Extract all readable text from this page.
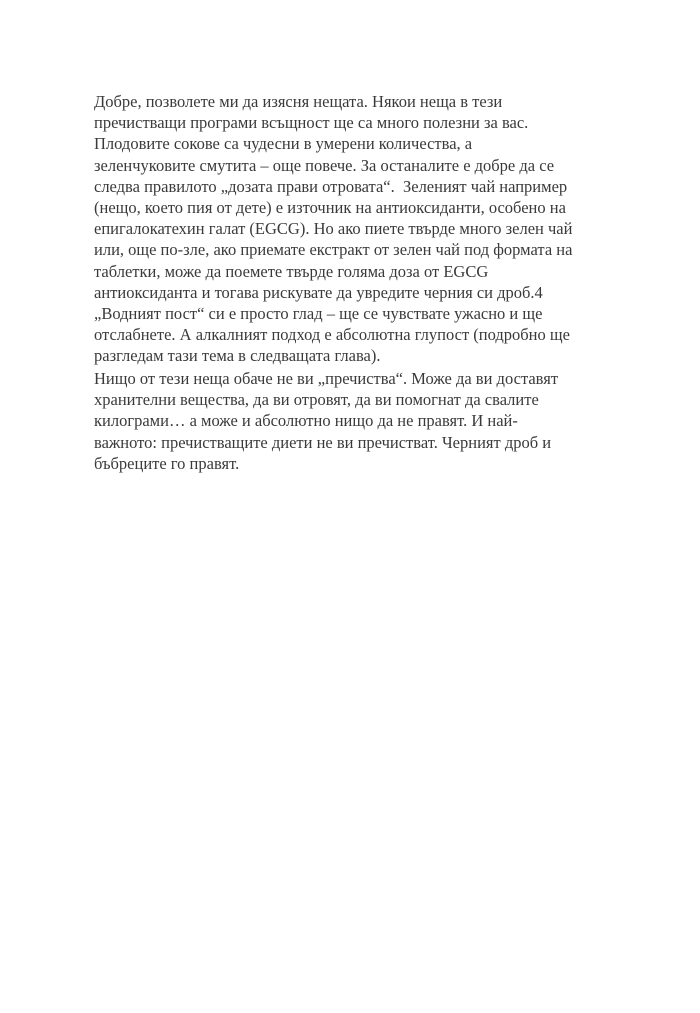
Добре, позволете ми да изясня нещата. Някои неща в тези
пречистващи програми всъщност ще са много полезни за вас.
Плодовите сокове са чудесни в умерени количества, а
зеленчуковите смутита – още повече. За останалите е добре да се
следва правилото „дозата прави отровата“.  Зеленият чай например
(нещо, което пия от дете) е източник на антиоксиданти, особено на
епигалокатехин галат (EGCG). Но ако пиете твърде много зелен чай
или, още по-зле, ако приемате екстракт от зелен чай под формата на
таблетки, може да поемете твърде голяма доза от EGCG
антиоксиданта и тогава рискувате да увредите черния си дроб.4
„Водният пост“ си е просто глад – ще се чувствате ужасно и ще
отслабнете. А алкалният подход е абсолютна глупост (подробно ще
разгледам тази тема в следващата глава).
Нищо от тези неща обаче не ви „пречиства“. Може да ви доставят
хранителни вещества, да ви отровят, да ви помогнат да свалите
килограми… а може и абсолютно нищо да не правят. И най-
важното: пречистващите диети не ви пречистват. Черният дроб и
бъбреците го правят.
